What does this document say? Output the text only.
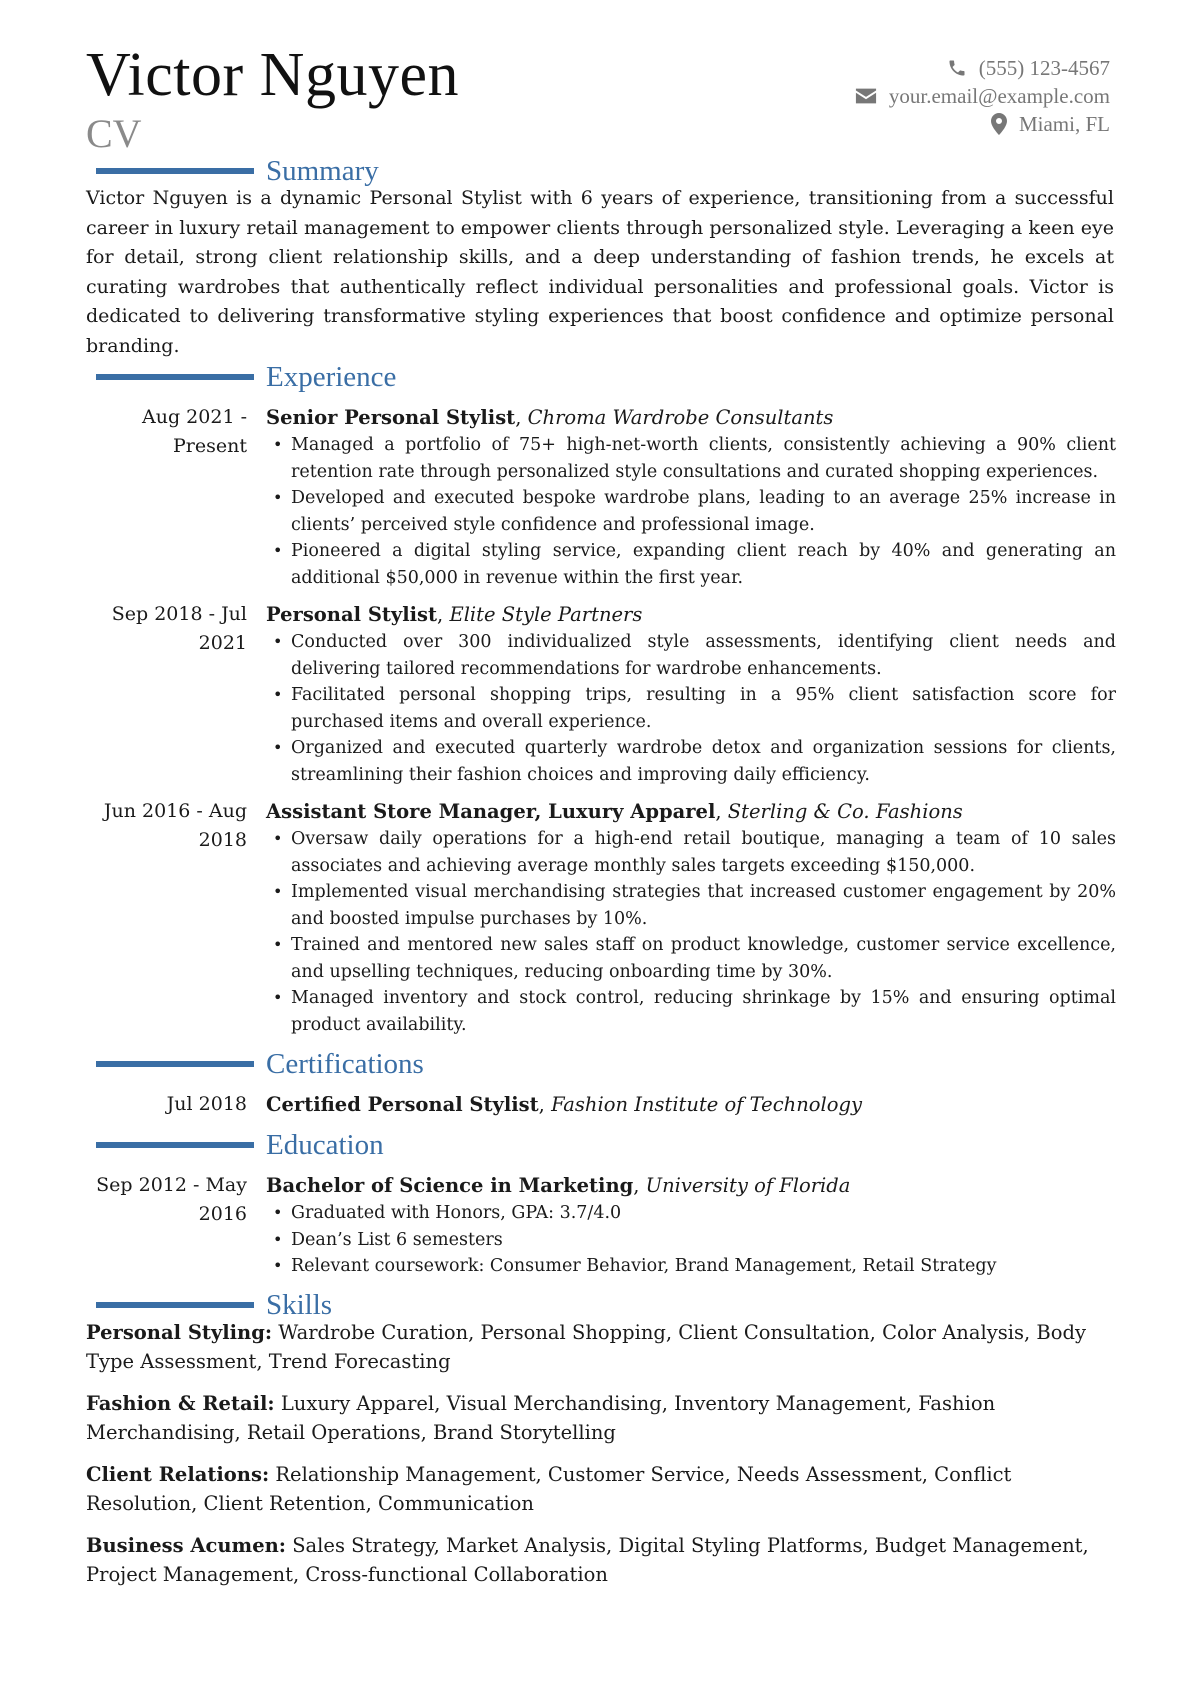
Victor Nguyen
CV
(555) 123-4567
your.email@example.com
Miami, FL
Summary
Victor Nguyen is a dynamic Personal Stylist with 6 years of experience, transitioning from a successful career in luxury retail management to empower clients through personalized style. Leveraging a keen eye for detail, strong client relationship skills, and a deep understanding of fashion trends, he excels at curating wardrobes that authentically reflect individual personalities and professional goals. Victor is dedicated to delivering transformative styling experiences that boost confidence and optimize personal branding.
Experience
Aug 2021 -
Present
Senior Personal Stylist, Chroma Wardrobe Consultants
• Managed a portfolio of 75+ high-net-worth clients, consistently achieving a 90% client retention rate through personalized style consultations and curated shopping experiences.
• Developed and executed bespoke wardrobe plans, leading to an average 25% increase in clients’ perceived style confidence and professional image.
• Pioneered a digital styling service, expanding client reach by 40% and generating an additional $50,000 in revenue within the first year.
Sep 2018 - Jul
2021
Personal Stylist, Elite Style Partners
• Conducted over 300 individualized style assessments, identifying client needs and delivering tailored recommendations for wardrobe enhancements.
• Facilitated personal shopping trips, resulting in a 95% client satisfaction score for purchased items and overall experience.
• Organized and executed quarterly wardrobe detox and organization sessions for clients, streamlining their fashion choices and improving daily efficiency.
Jun 2016 - Aug
2018
Assistant Store Manager, Luxury Apparel, Sterling & Co. Fashions
• Oversaw daily operations for a high-end retail boutique, managing a team of 10 sales associates and achieving average monthly sales targets exceeding $150,000.
• Implemented visual merchandising strategies that increased customer engagement by 20% and boosted impulse purchases by 10%.
• Trained and mentored new sales staff on product knowledge, customer service excellence, and upselling techniques, reducing onboarding time by 30%.
• Managed inventory and stock control, reducing shrinkage by 15% and ensuring optimal product availability.
Certifications
Jul 2018 Certified Personal Stylist, Fashion Institute of Technology
Education
Sep 2012 - May
2016
Bachelor of Science in Marketing, University of Florida
• Graduated with Honors, GPA: 3.7/4.0
• Dean’s List 6 semesters
• Relevant coursework: Consumer Behavior, Brand Management, Retail Strategy
Skills
Personal Styling: Wardrobe Curation, Personal Shopping, Client Consultation, Color Analysis, Body Type Assessment, Trend Forecasting
Fashion & Retail: Luxury Apparel, Visual Merchandising, Inventory Management, Fashion Merchandising, Retail Operations, Brand Storytelling
Client Relations: Relationship Management, Customer Service, Needs Assessment, Conflict Resolution, Client Retention, Communication
Business Acumen: Sales Strategy, Market Analysis, Digital Styling Platforms, Budget Management, Project Management, Cross-functional Collaboration
